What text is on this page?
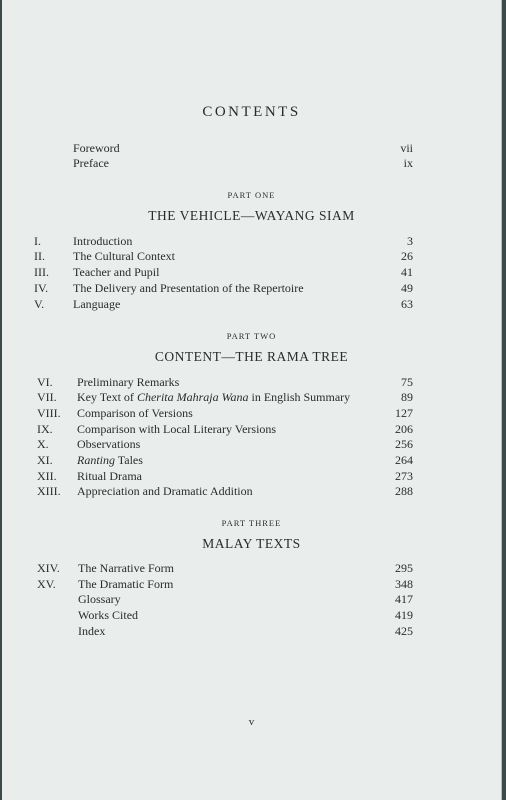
CONTENTS
Foreword	vii
Preface	ix
PART ONE
THE VEHICLE—WAYANG SIAM
I.	Introduction	3
II. The Cultural Context	26
III. Teacher and Pupil	41
IV. The Delivery and Presentation of the Repertoire	49
V. Language	63
PART TWO
CONTENT—THE RAMA TREE
VI. Preliminary Remarks	75
VII. Key Text of Cherita Mahraja Wana in English Summary	89
VIII. Comparison of Versions	127
IX. Comparison with Local Literary Versions	206
X. Observations	256
XI. Ranting Tales	264
XII. Ritual Drama	273
XIII. Appreciation and Dramatic Addition	288
PART THREE
MALAY TEXTS
XIV. The Narrative Form	295
XV. The Dramatic Form	348
Glossary	417
Works Cited	419
Index	425
v
